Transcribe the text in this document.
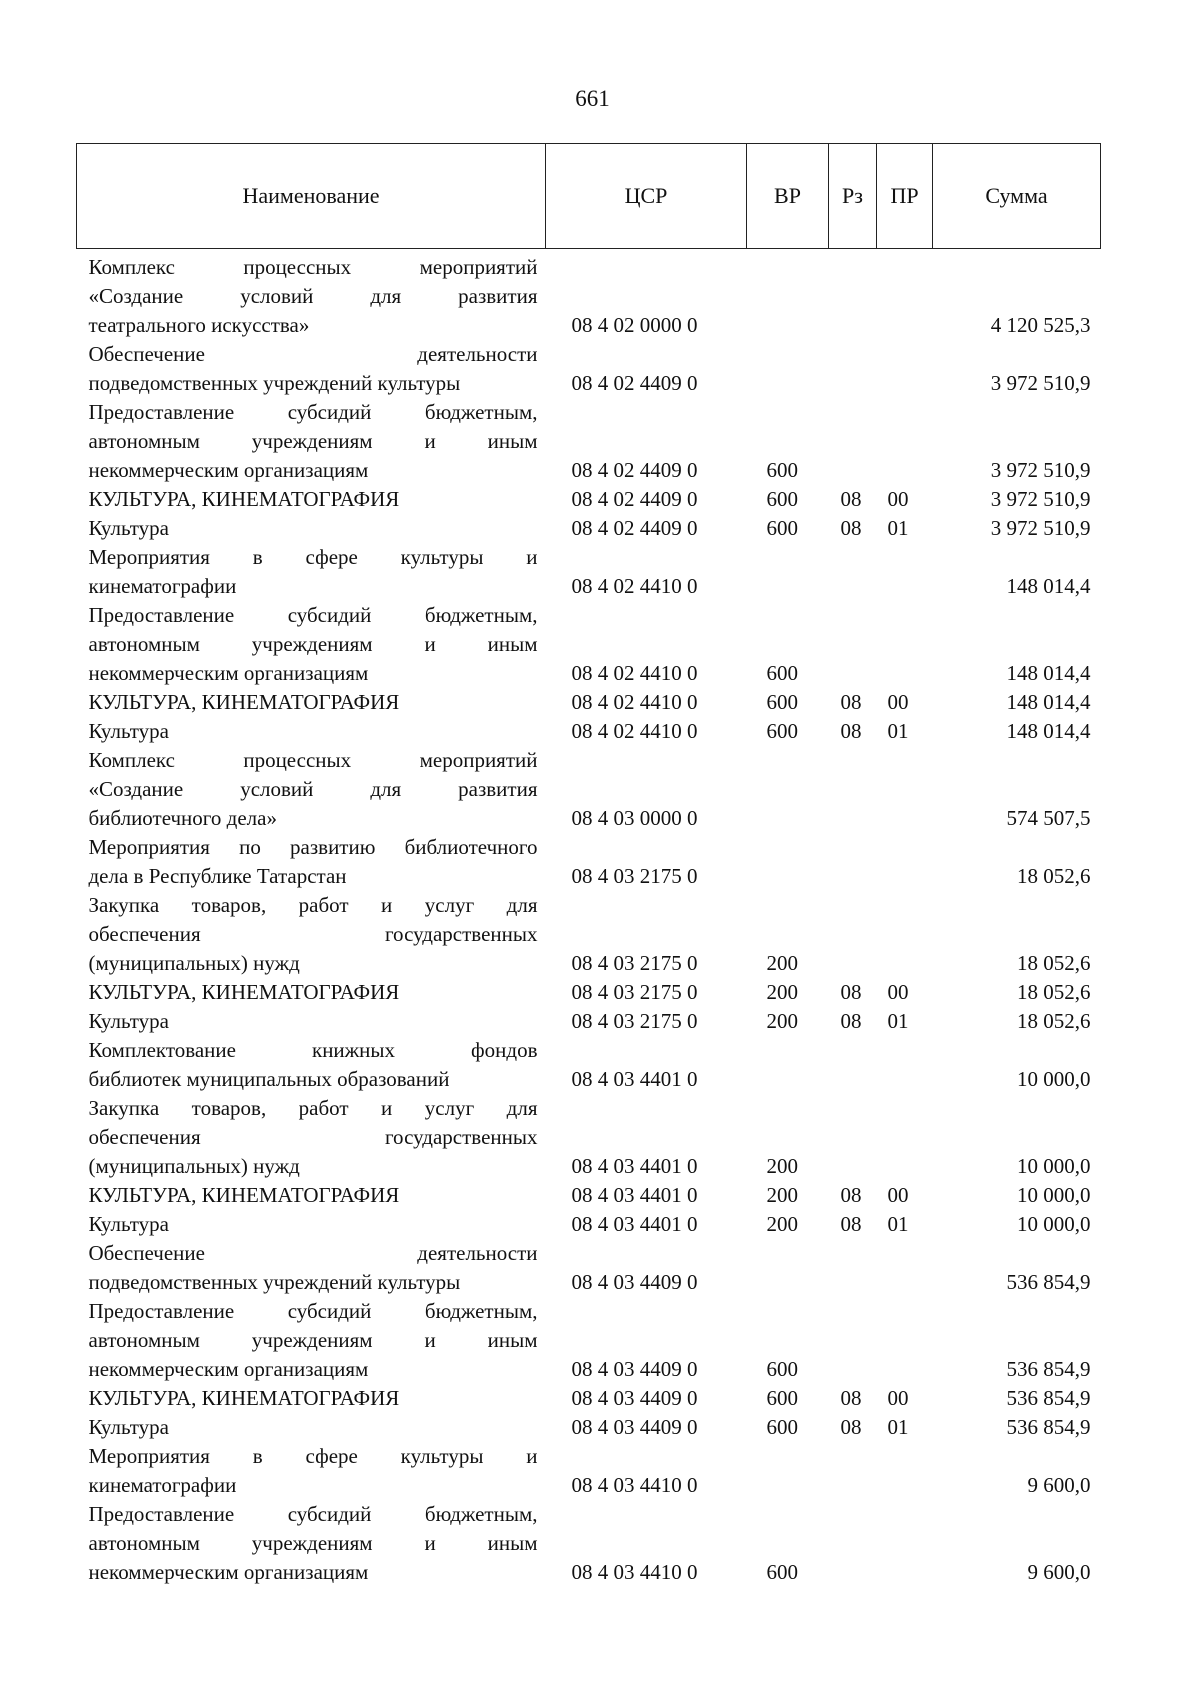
661
Наименование	ЦСР	ВР	Рз	ПР	Сумма

Комплекс процессных мероприятий
«Создание условий для развития
театрального искусства»	08 4 02 0000 0				4 120 525,3

Обеспечение деятельности
подведомственных учреждений культуры	08 4 02 4409 0				3 972 510,9

Предоставление субсидий бюджетным,
автономным учреждениям и иным
некоммерческим организациям	08 4 02 4409 0	600			3 972 510,9

КУЛЬТУРА, КИНЕМАТОГРАФИЯ	08 4 02 4409 0	600	08	00	3 972 510,9

Культура	08 4 02 4409 0	600	08	01	3 972 510,9

Мероприятия в сфере культуры и
кинематографии	08 4 02 4410 0				148 014,4

Предоставление субсидий бюджетным,
автономным учреждениям и иным
некоммерческим организациям	08 4 02 4410 0	600			148 014,4

КУЛЬТУРА, КИНЕМАТОГРАФИЯ	08 4 02 4410 0	600	08	00	148 014,4

Культура	08 4 02 4410 0	600	08	01	148 014,4

Комплекс процессных мероприятий
«Создание условий для развития
библиотечного дела»	08 4 03 0000 0				574 507,5

Мероприятия по развитию библиотечного
дела в Республике Татарстан	08 4 03 2175 0				18 052,6

Закупка товаров, работ и услуг для
обеспечения государственных
(муниципальных) нужд	08 4 03 2175 0	200			18 052,6

КУЛЬТУРА, КИНЕМАТОГРАФИЯ	08 4 03 2175 0	200	08	00	18 052,6

Культура	08 4 03 2175 0	200	08	01	18 052,6

Комплектование книжных фондов
библиотек муниципальных образований	08 4 03 4401 0				10 000,0

Закупка товаров, работ и услуг для
обеспечения государственных
(муниципальных) нужд	08 4 03 4401 0	200			10 000,0

КУЛЬТУРА, КИНЕМАТОГРАФИЯ	08 4 03 4401 0	200	08	00	10 000,0

Культура	08 4 03 4401 0	200	08	01	10 000,0

Обеспечение деятельности
подведомственных учреждений культуры	08 4 03 4409 0				536 854,9

Предоставление субсидий бюджетным,
автономным учреждениям и иным
некоммерческим организациям	08 4 03 4409 0	600			536 854,9

КУЛЬТУРА, КИНЕМАТОГРАФИЯ	08 4 03 4409 0	600	08	00	536 854,9

Культура	08 4 03 4409 0	600	08	01	536 854,9

Мероприятия в сфере культуры и
кинематографии	08 4 03 4410 0				9 600,0

Предоставление субсидий бюджетным,
автономным учреждениям и иным
некоммерческим организациям	08 4 03 4410 0	600			9 600,0
